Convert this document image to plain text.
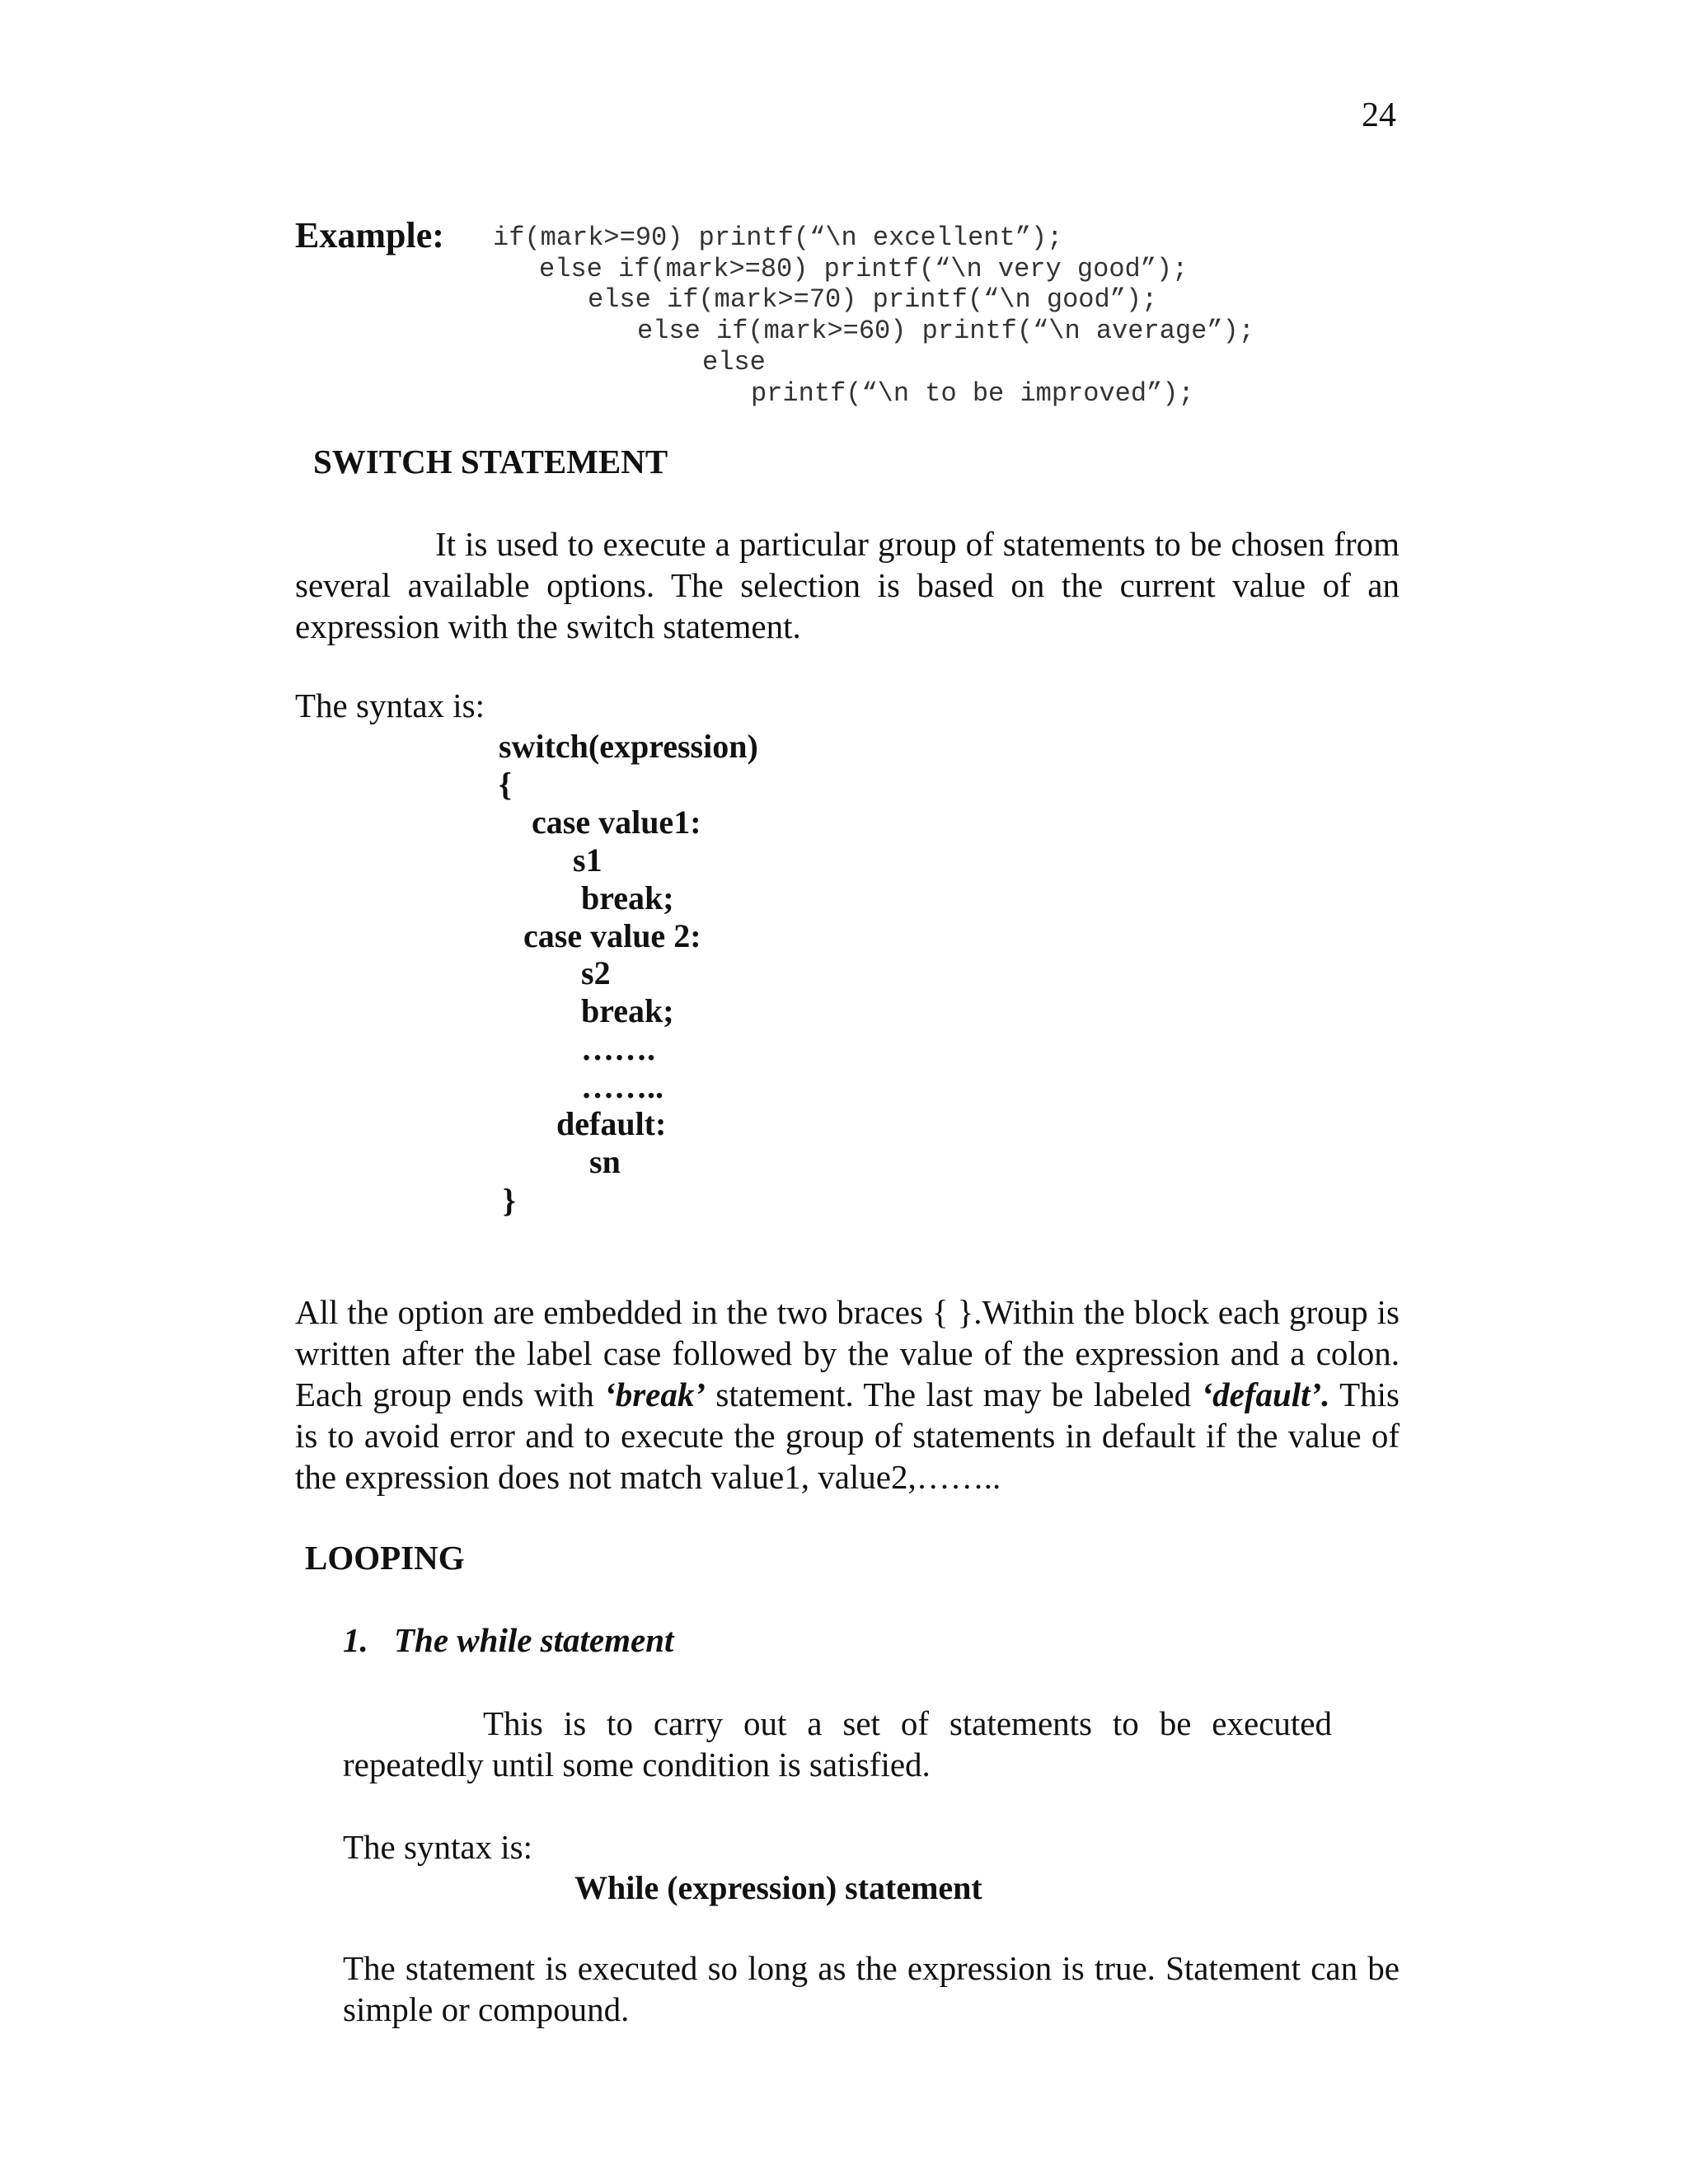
24
Example: if(mark>=90) printf(“\n excellent”);
else if(mark>=80) printf(“\n very good”);
else if(mark>=70) printf(“\n good”);
else if(mark>=60) printf(“\n average”);
else
printf(“\n to be improved”);
SWITCH STATEMENT
It is used to execute a particular group of statements to be chosen from several available options. The selection is based on the current value of an expression with the switch statement.
The syntax is:
switch(expression)
{
case value1:
s1
break;
case value 2:
s2
break;
…….
……..
default:
sn
}
All the option are embedded in the two braces { }.Within the block each group is written after the label case followed by the value of the expression and a colon. Each group ends with ‘break’ statement. The last may be labeled ‘default’. This is to avoid error and to execute the group of statements in default if the value of the expression does not match value1, value2,……..
LOOPING
1. The while statement
This is to carry out a set of statements to be executed repeatedly until some condition is satisfied.
The syntax is:
While (expression) statement
The statement is executed so long as the expression is true. Statement can be simple or compound.
